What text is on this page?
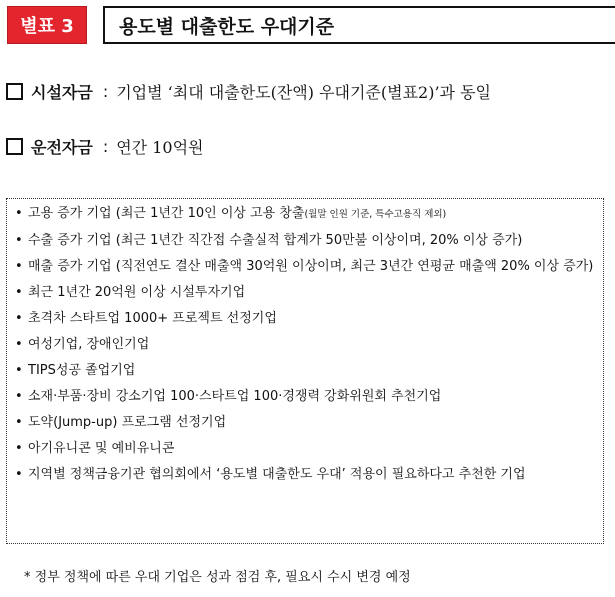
별표 3	용도별 대출한도 우대기준
시설자금 : 기업별 ‘최대 대출한도(잔액) 우대기준(별표2)’과 동일
운전자금 : 연간 10억원
• 고용 증가 기업 (최근 1년간 10인 이상 고용 창출(월말 인원 기준, 특수고용직 제외)
• 수출 증가 기업 (최근 1년간 직간접 수출실적 합계가 50만불 이상이며, 20% 이상 증가)
• 매출 증가 기업 (직전연도 결산 매출액 30억원 이상이며, 최근 3년간 연평균 매출액 20% 이상 증가)
• 최근 1년간 20억원 이상 시설투자기업
• 초격차 스타트업 1000+ 프로젝트 선정기업
• 여성기업, 장애인기업
• TIPS성공 졸업기업
• 소재·부품·장비 강소기업 100·스타트업 100·경쟁력 강화위원회 추천기업
• 도약(Jump-up) 프로그램 선정기업
• 아기유니콘 및 예비유니콘
• 지역별 정책금융기관 협의회에서 ‘용도별 대출한도 우대’ 적용이 필요하다고 추천한 기업
* 정부 정책에 따른 우대 기업은 성과 점검 후, 필요시 수시 변경 예정
